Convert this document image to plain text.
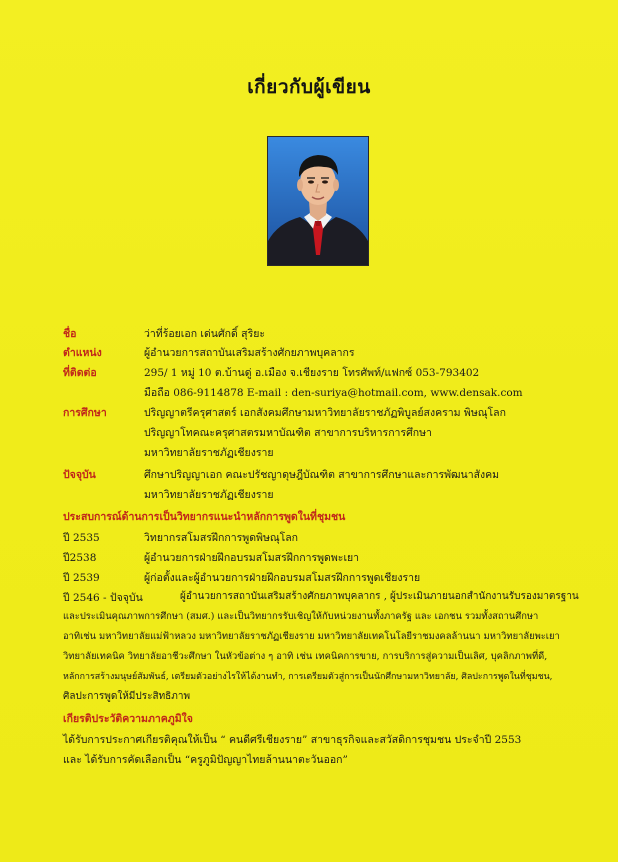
เกี่ยวกับผู้เขียน
ชื่อ	ว่าที่ร้อยเอก เด่นศักดิ์ สุริยะ
ตำแหน่ง	ผู้อำนวยการสถาบันเสริมสร้างศักยภาพบุคลากร
ที่ติดต่อ	295/ 1 หมู่ 10 ต.บ้านดู่ อ.เมือง จ.เชียงราย โทรศัพท์/แฟกซ์ 053-793402
มือถือ 086-9114878 E-mail : den-suriya@hotmail.com, www.densak.com
การศึกษา	ปริญญาตรีครุศาสตร์ เอกสังคมศึกษามหาวิทยาลัยราชภัฏพิบูลย์สงคราม พิษณุโลก
ปริญญาโทคณะครุศาสตรมหาบัณฑิต สาขาการบริหารการศึกษา
มหาวิทยาลัยราชภัฏเชียงราย
ปัจจุบัน	ศึกษาปริญญาเอก คณะปรัชญาดุษฎีบัณฑิต สาขาการศึกษาและการพัฒนาสังคม
มหาวิทยาลัยราชภัฏเชียงราย
ประสบการณ์ด้านการเป็นวิทยากรแนะนำหลักการพูดในที่ชุมชน
ปี 2535	วิทยากรสโมสรฝึกการพูดพิษณุโลก
ปี2538	ผู้อำนวยการฝ่ายฝึกอบรมสโมสรฝึกการพูดพะเยา
ปี 2539	ผู้ก่อตั้งและผู้อำนวยการฝ่ายฝึกอบรมสโมสรฝึกการพูดเชียงราย
ปี 2546 - ปัจจุบัน	ผู้อำนวยการสถาบันเสริมสร้างศักยภาพบุคลากร , ผู้ประเมินภายนอกสำนักงานรับรองมาตรฐาน
และประเมินคุณภาพการศึกษา (สมศ.) และเป็นวิทยากรรับเชิญให้กับหน่วยงานทั้งภาครัฐ และ เอกชน รวมทั้งสถานศึกษา
อาทิเช่น มหาวิทยาลัยแม่ฟ้าหลวง มหาวิทยาลัยราชภัฏเชียงราย มหาวิทยาลัยเทคโนโลยีราชมงคลล้านนา มหาวิทยาลัยพะเยา
วิทยาลัยเทคนิค วิทยาลัยอาชีวะศึกษา ในหัวข้อต่าง ๆ อาทิ เช่น เทคนิคการขาย, การบริการสู่ความเป็นเลิศ, บุคลิกภาพที่ดี,
หลักการสร้างมนุษย์สัมพันธ์, เตรียมตัวอย่างไรให้ได้งานทำ, การเตรียมตัวสู่การเป็นนักศึกษามหาวิทยาลัย, ศิลปะการพูดในที่ชุมชน,
ศิลปะการพูดให้มีประสิทธิภาพ
เกียรติประวัติความภาคภูมิใจ
ได้รับการประกาศเกียรติคุณให้เป็น “ คนดีศรีเชียงราย” สาขาธุรกิจและสวัสดิการชุมชน ประจำปี 2553
และ ได้รับการคัดเลือกเป็น “ครูภูมิปัญญาไทยล้านนาตะวันออก”
